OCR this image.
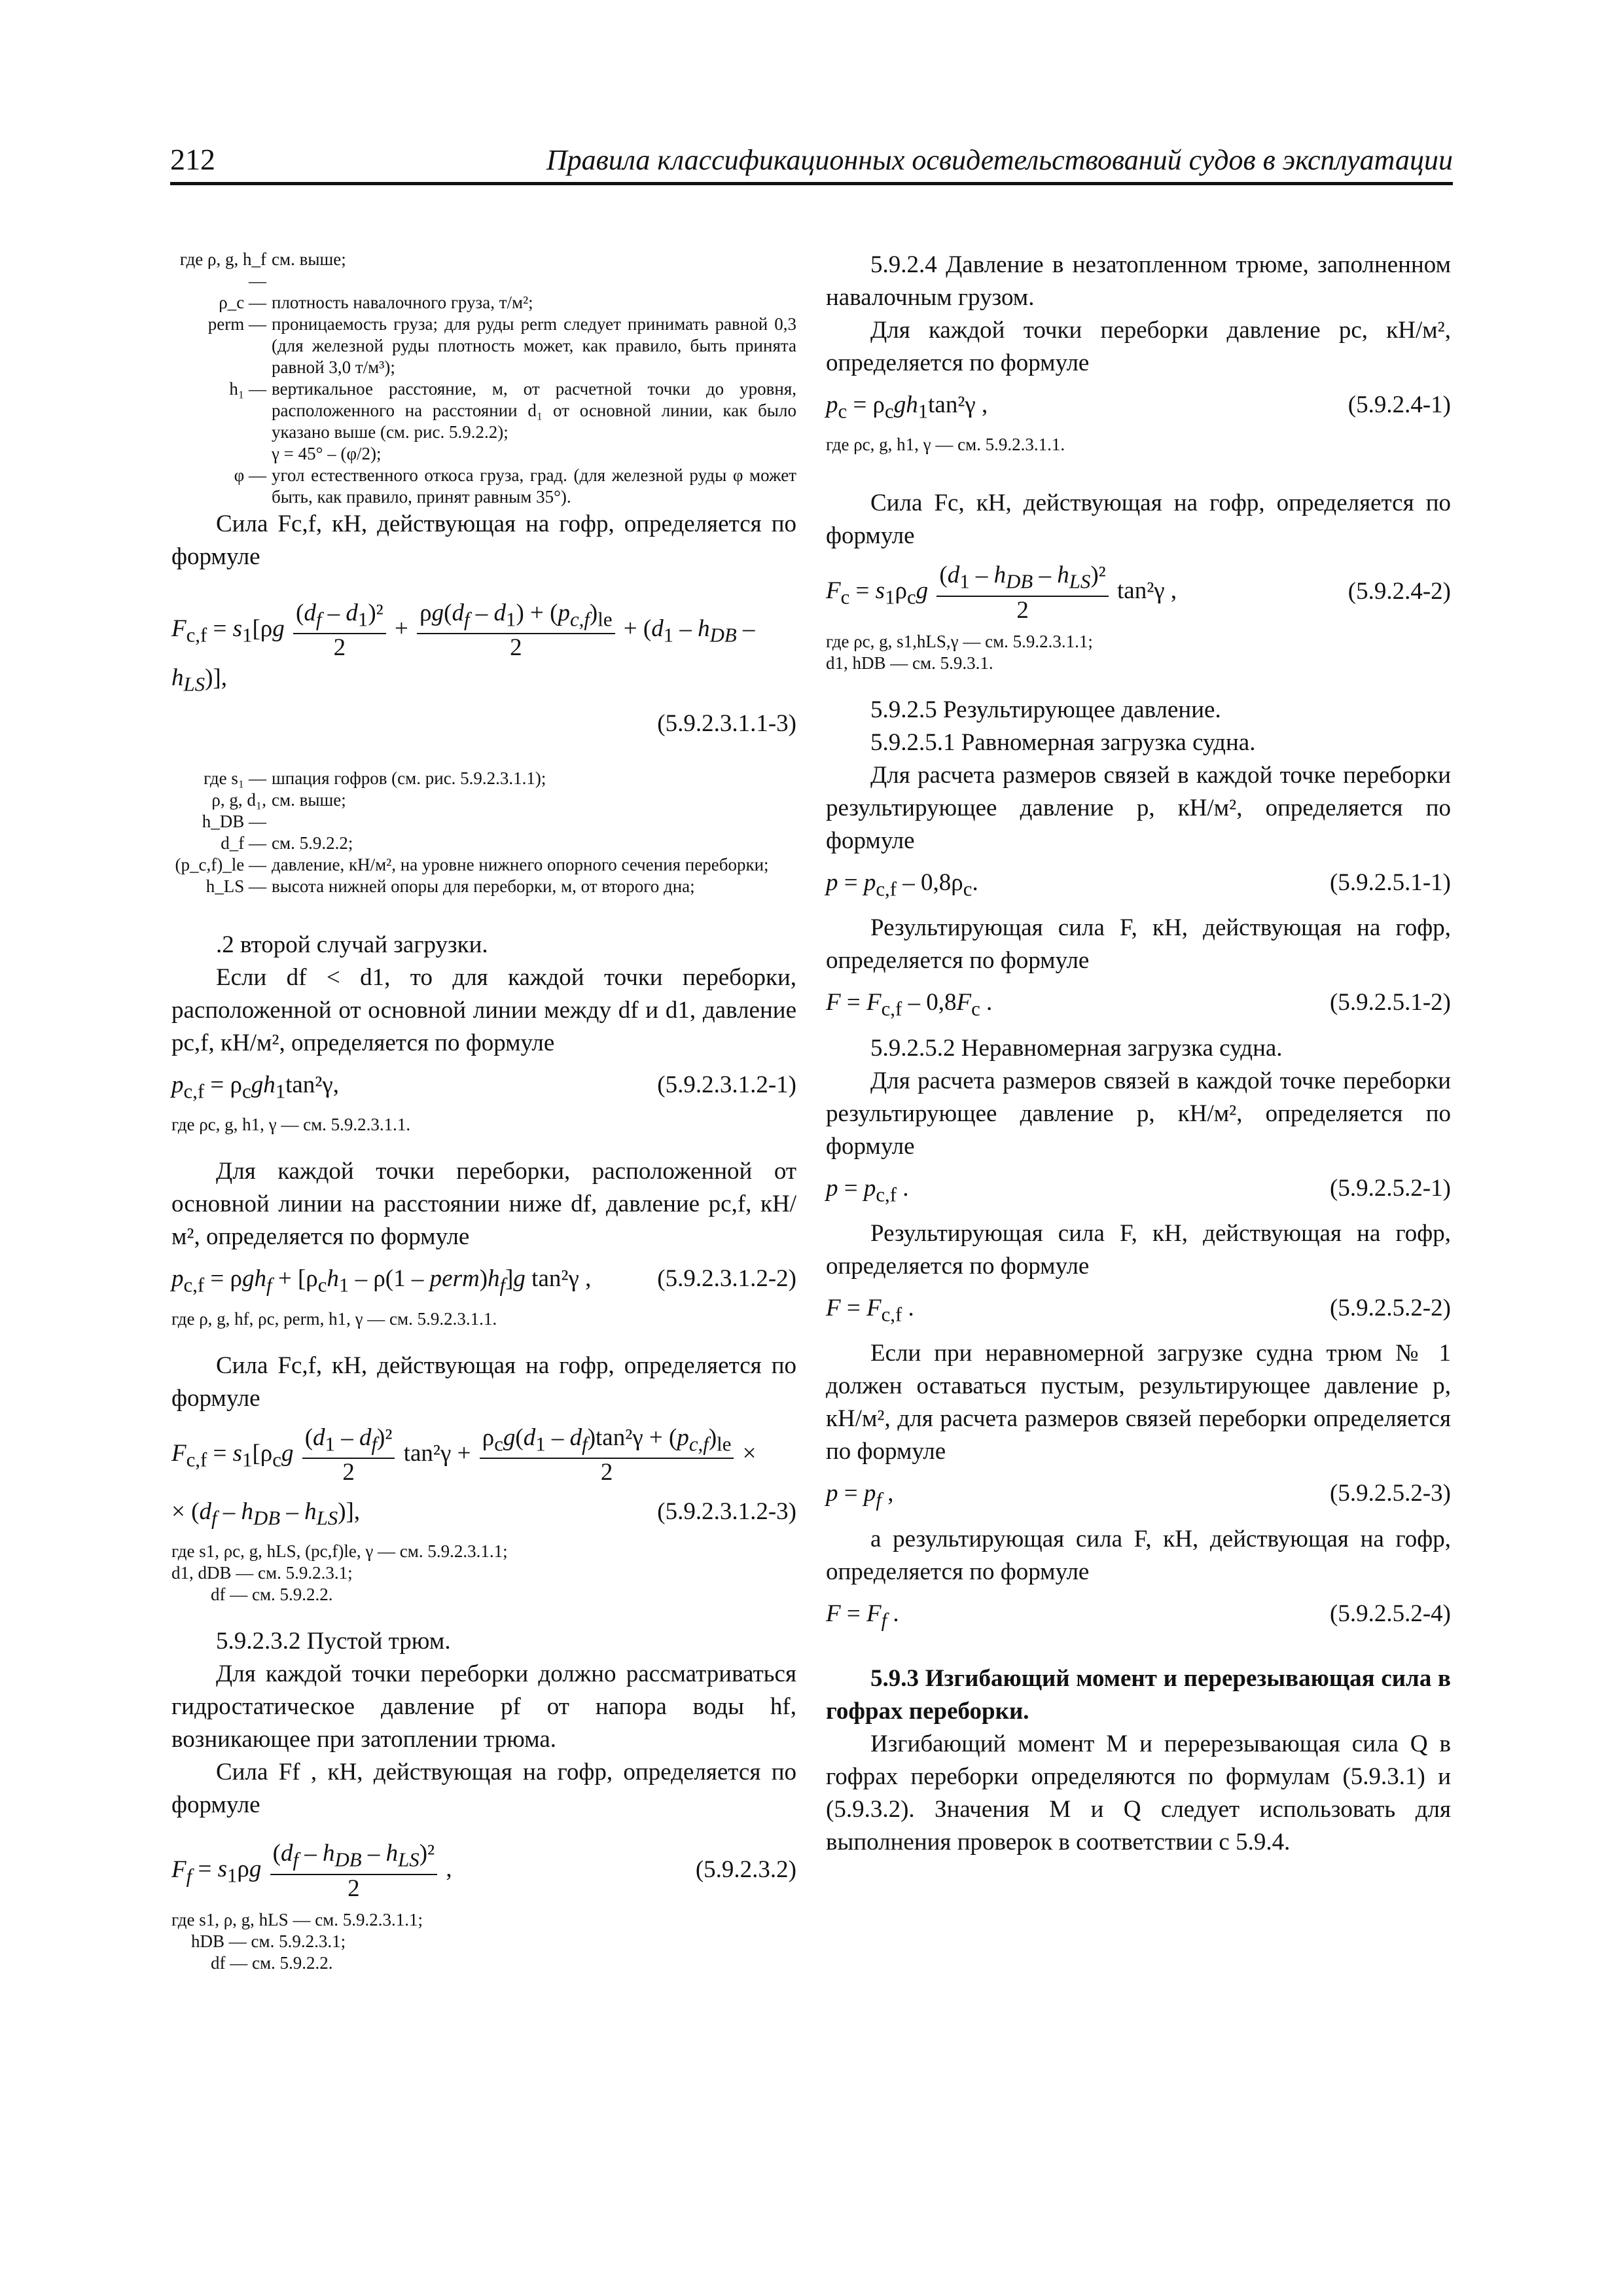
212	Правила классификационных освидетельствований судов в эксплуатации
где ρ, g, h_f —
см. выше;
ρ_c — плотность навалочного груза, т/м²;
perm — проницаемость груза; для руды perm следует принимать равной 0,3 (для железной руды плотность может, как правило, быть принята равной 3,0 т/м³);
h₁ — вертикальное расстояние, м, от расчетной точки до уровня, расположенного на расстоянии d₁ от основной линии, как было указано выше (см. рис. 5.9.2.2);
γ = 45° – (φ/2);
φ — угол естественного откоса груза, град. (для железной руды φ может быть, как правило, принят равным 35°).

Сила Fc,f, кН, действующая на гофр, определяется по формуле

$F_{c,f} = s_1[\rho g \frac{(d_f - d_1)^2}{2} + \frac{\rho g(d_f - d_1) + (p_{c,f})_{le}}{2} + (d_1 - h_{DB} - h_{LS})]$,
(5.9.2.3.1.1-3)
где s₁ — шпация гофров (см. рис. 5.9.2.3.1.1);
ρ, g, d₁, h_DB —
см. выше;
d_f — см. 5.9.2.2;
(p_c,f)_le — давление, кН/м², на уровне нижнего опорного сечения переборки;
h_LS — высота нижней опоры для переборки, м, от второго дна;

.2 второй случай загрузки.

Если df < d1, то для каждой точки переборки, расположенной от основной линии между df и d1, давление pc,f, кН/м², определяется по формуле

$p_{c,f} = \rho_cgh_1\tan^2\gamma$,	(5.9.2.3.1.2-1)

где ρc, g, h1, γ — см. 5.9.2.3.1.1.

Для каждой точки переборки, расположенной от основной линии на расстоянии ниже df, давление pc,f, кН/м², определяется по формуле

$p_{c,f} = \rho gh_f + [\rho_ch_1 - \rho(1$ – $perm)h_f]g$ tan²γ ,	(5.9.2.3.1.2-2)

где ρ, g, hf, ρc, perm, h1, γ — см. 5.9.2.3.1.1.

Сила Fc,f, кН, действующая на гофр, определяется по формуле

$F_{c,f} = s_1[\rho_cg \frac{(d_1 - d_f)^2}{2} \tan^2\gamma$ +
$\rho_cg(d_1 - d_f)\tan^2\gamma + (p_{c,f})_{le}$
2
×
× $(d_f - h_{DB} - h_{LS})$],	(5.9.2.3.1.2-3)

где s1, ρc, g, hLS, (pc,f)le, γ — см. 5.9.2.3.1.1;

d1, dDB — см. 5.9.2.3.1;

df — см. 5.9.2.2.

5.9.2.3.2 Пустой трюм.

Для каждой точки переборки должно рассматриваться гидростатическое давление pf от напора воды hf, возникающее при затоплении трюма.

Сила Ff , кН, действующая на гофр, определяется по формуле

$F_f = s_1\rho g$
$(d_f - h_{DB} - h_{LS})^2$
2
,	(5.9.2.3.2)

где s1, ρ, g, hLS — см. 5.9.2.3.1.1;

hDB — см. 5.9.2.3.1;

df — см. 5.9.2.2.

5.9.2.4 Давление в незатопленном трюме, заполненном навалочным грузом.

Для каждой точки переборки давление pc, кН/м², определяется по формуле

$p_c = \rho_cgh_1\tan^2\gamma$ ,	(5.9.2.4-1)

где ρc, g, h1, γ — см. 5.9.2.3.1.1.

Сила Fc, кН, действующая на гофр, определяется по формуле

$F_c = s_1\rho_cg$
$(d_1 - h_{DB} - h_{LS})^2$
2
tan²γ ,	(5.9.2.4-2)

где ρc, g, s1,hLS,γ — см. 5.9.2.3.1.1;

d1, hDB — см. 5.9.3.1.

5.9.2.5 Результирующее давление.

5.9.2.5.1 Равномерная загрузка судна.

Для расчета размеров связей в каждой точке переборки результирующее давление p, кН/м², определяется по формуле

$p = p_{c,f} - 0,8\rho_c$.	(5.9.2.5.1-1)

Результирующая сила F, кН, действующая на гофр, определяется по формуле

$F = F_{c,f} - 0,8F_c$ .	(5.9.2.5.1-2)

5.9.2.5.2 Неравномерная загрузка судна.

Для расчета размеров связей в каждой точке переборки результирующее давление p, кН/м², определяется по формуле

$p = p_{c,f}$ .	(5.9.2.5.2-1)

Результирующая сила F, кН, действующая на гофр, определяется по формуле

$F = F_{c,f}$ .	(5.9.2.5.2-2)

Если при неравномерной загрузке судна трюм № 1 должен оставаться пустым, результирующее давление p, кН/м², для расчета размеров связей переборки определяется по формуле

$p = p_f$ ,	(5.9.2.5.2-3)

а результирующая сила F, кН, действующая на гофр, определяется по формуле

$F = F_f$ .	(5.9.2.5.2-4)

5.9.3 Изгибающий момент и перерезывающая сила в гофрах переборки.

Изгибающий момент M и перерезывающая сила Q в гофрах переборки определяются по формулам (5.9.3.1) и (5.9.3.2). Значения M и Q следует использовать для выполнения проверок в соответствии с 5.9.4.
